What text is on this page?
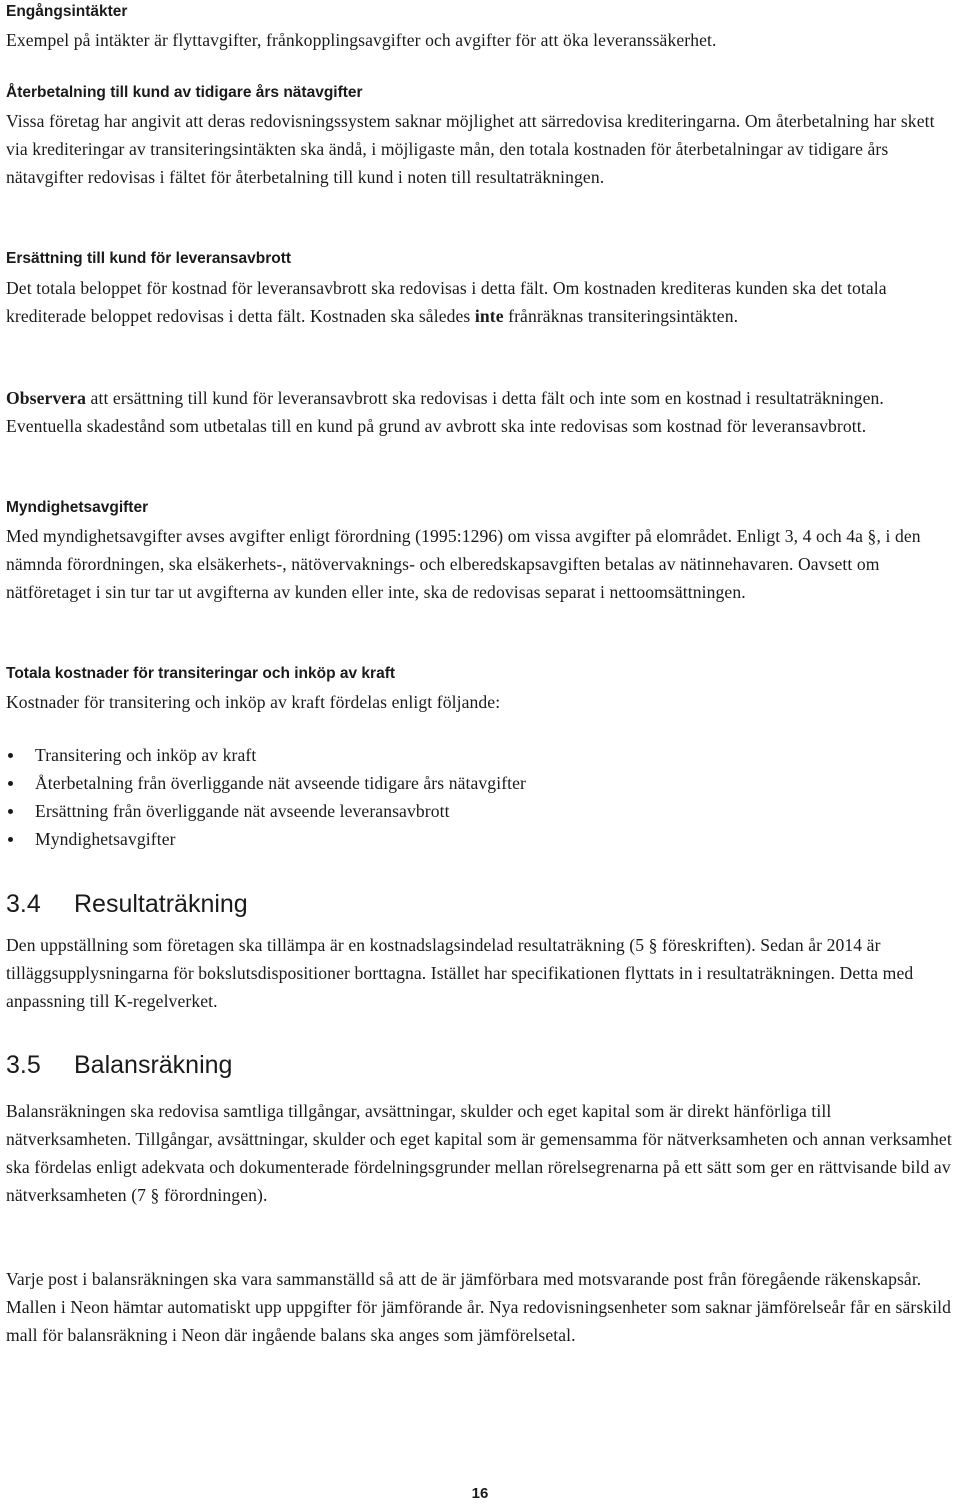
Engångsintäkter

Exempel på intäkter är flyttavgifter, frånkopplingsavgifter och avgifter för att öka leveranssäkerhet.

Återbetalning till kund av tidigare års nätavgifter

Vissa företag har angivit att deras redovisningssystem saknar möjlighet att särredovisa krediteringarna. Om återbetalning har skett via krediteringar av transiteringsintäkten ska ändå, i möjligaste mån, den totala kostnaden för återbetalningar av tidigare års nätavgifter redovisas i fältet för återbetalning till kund i noten till resultaträkningen.

Ersättning till kund för leveransavbrott

Det totala beloppet för kostnad för leveransavbrott ska redovisas i detta fält. Om kostnaden krediteras kunden ska det totala krediterade beloppet redovisas i detta fält. Kostnaden ska således inte frånräknas transiteringsintäkten.

Observera att ersättning till kund för leveransavbrott ska redovisas i detta fält och inte som en kostnad i resultaträkningen. Eventuella skadestånd som utbetalas till en kund på grund av avbrott ska inte redovisas som kostnad för leveransavbrott.

Myndighetsavgifter

Med myndighetsavgifter avses avgifter enligt förordning (1995:1296) om vissa avgifter på elområdet. Enligt 3, 4 och 4a §, i den nämnda förordningen, ska elsäkerhets-, nätövervaknings- och elberedskapsavgiften betalas av nätinnehavaren. Oavsett om nätföretaget i sin tur tar ut avgifterna av kunden eller inte, ska de redovisas separat i nettoomsättningen.

Totala kostnader för transiteringar och inköp av kraft

Kostnader för transitering och inköp av kraft fördelas enligt följande:

Transitering och inköp av kraft
Återbetalning från överliggande nät avseende tidigare års nätavgifter
Ersättning från överliggande nät avseende leveransavbrott
Myndighetsavgifter
3.4 Resultaträkning

Den uppställning som företagen ska tillämpa är en kostnadslagsindelad resultaträkning (5 § föreskriften). Sedan år 2014 är tilläggsupplysningarna för bokslutsdispositioner borttagna. Istället har specifikationen flyttats in i resultaträkningen. Detta med anpassning till K-regelverket.

3.5 Balansräkning

Balansräkningen ska redovisa samtliga tillgångar, avsättningar, skulder och eget kapital som är direkt hänförliga till nätverksamheten. Tillgångar, avsättningar, skulder och eget kapital som är gemensamma för nätverksamheten och annan verksamhet ska fördelas enligt adekvata och dokumenterade fördelningsgrunder mellan rörelsegrenarna på ett sätt som ger en rättvisande bild av nätverksamheten (7 § förordningen).

Varje post i balansräkningen ska vara sammanställd så att de är jämförbara med motsvarande post från föregående räkenskapsår. Mallen i Neon hämtar automatiskt upp uppgifter för jämförande år. Nya redovisningsenheter som saknar jämförelseår får en särskild mall för balansräkning i Neon där ingående balans ska anges som jämförelsetal.

16
